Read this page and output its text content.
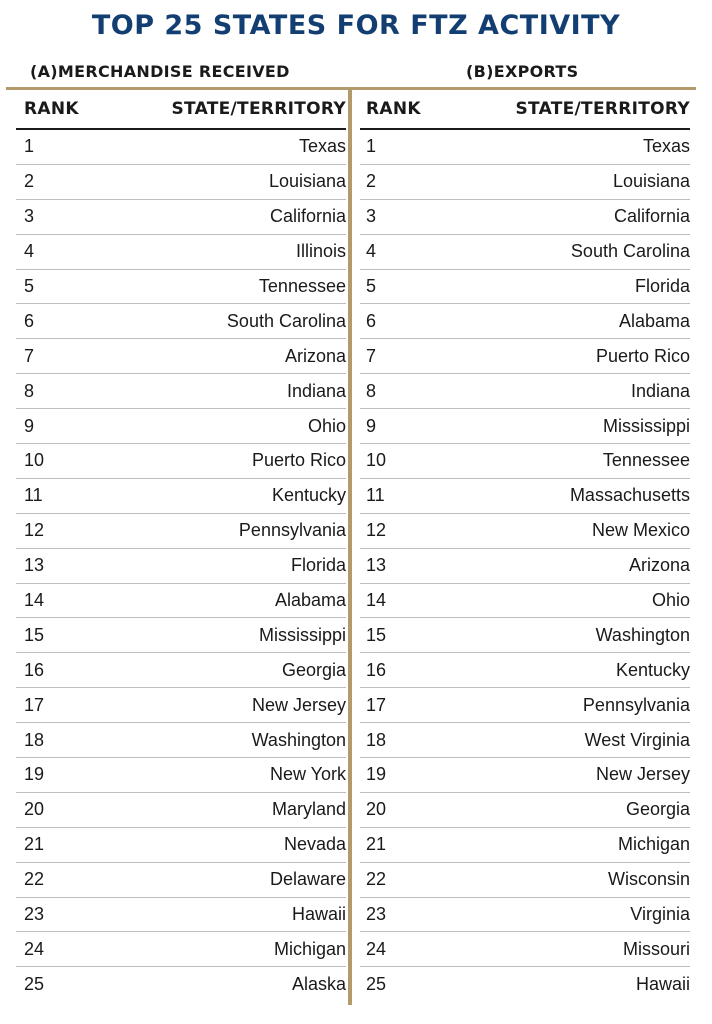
TOP 25 STATES FOR FTZ ACTIVITY
(A)MERCHANDISE RECEIVED	(B)EXPORTS
RANK	STATE/TERRITORY
1	Texas
2	Louisiana
3	California
4	Illinois
5	Tennessee
6	South Carolina
7	Arizona
8	Indiana
9	Ohio
10	Puerto Rico
11	Kentucky
12	Pennsylvania
13	Florida
14	Alabama
15	Mississippi
16	Georgia
17	New Jersey
18	Washington
19	New York
20	Maryland
21	Nevada
22	Delaware
23	Hawaii
24	Michigan
25	Alaska
RANK	STATE/TERRITORY
1	Texas
2	Louisiana
3	California
4	South Carolina
5	Florida
6	Alabama
7	Puerto Rico
8	Indiana
9	Mississippi
10	Tennessee
11	Massachusetts
12	New Mexico
13	Arizona
14	Ohio
15	Washington
16	Kentucky
17	Pennsylvania
18	West Virginia
19	New Jersey
20	Georgia
21	Michigan
22	Wisconsin
23	Virginia
24	Missouri
25	Hawaii
